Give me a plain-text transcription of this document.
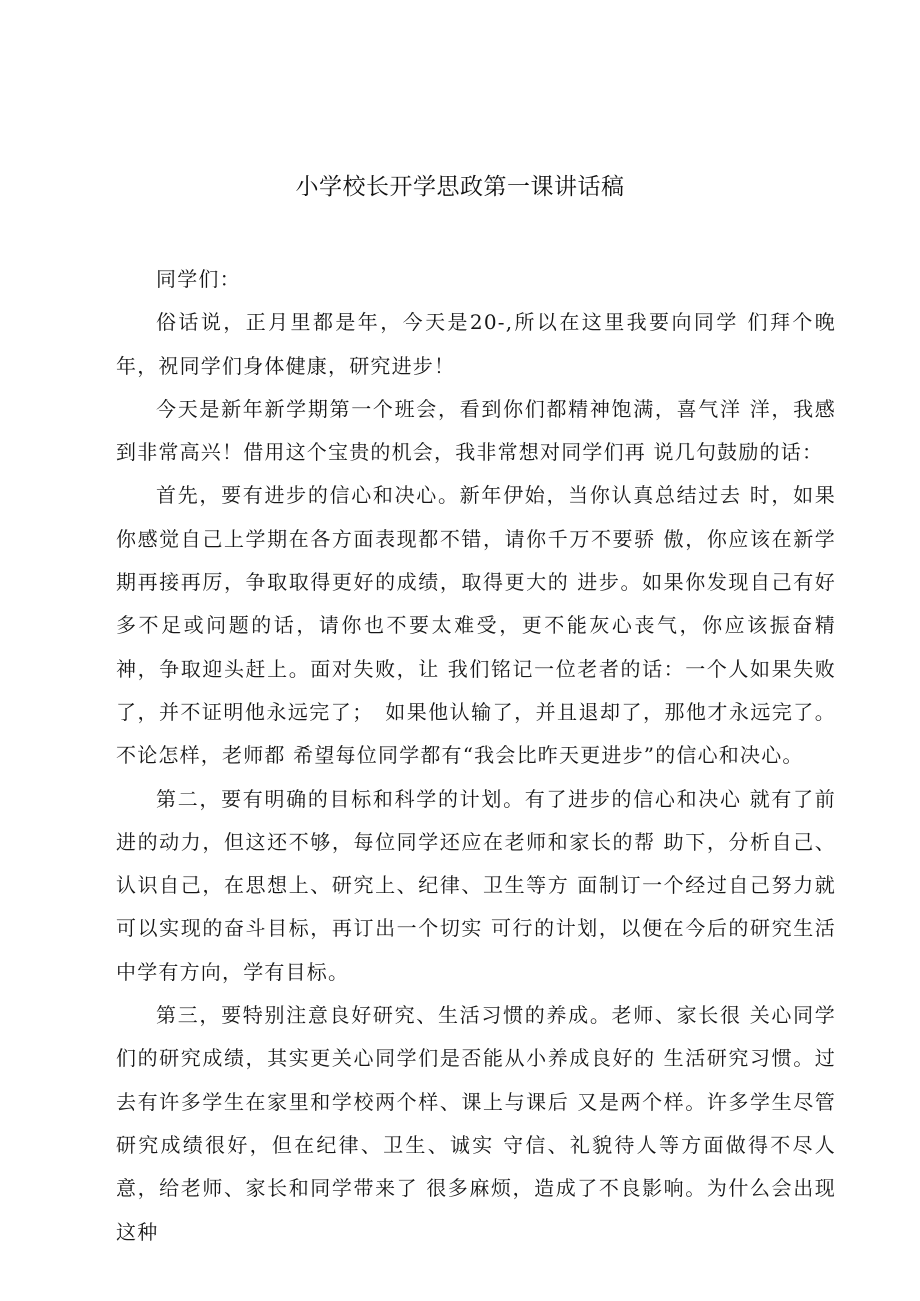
小学校长开学思政第一课讲话稿

同学们：

俗话说，正月里都是年，今天是20-,所以在这里我要向同学 们拜个晚年，祝同学们身体健康，研究进步！

今天是新年新学期第一个班会，看到你们都精神饱满，喜气洋 洋，我感到非常高兴！借用这个宝贵的机会，我非常想对同学们再 说几句鼓励的话：

首先，要有进步的信心和决心。新年伊始，当你认真总结过去 时，如果你感觉自己上学期在各方面表现都不错，请你千万不要骄 傲，你应该在新学期再接再厉，争取取得更好的成绩，取得更大的 进步。如果你发现自己有好多不足或问题的话，请你也不要太难受，更不能灰心丧气，你应该振奋精神，争取迎头赶上。面对失败，让 我们铭记一位老者的话：一个人如果失败了，并不证明他永远完了；　如果他认输了，并且退却了，那他才永远完了。不论怎样，老师都 希望每位同学都有“我会比昨天更进步”的信心和决心。

第二，要有明确的目标和科学的计划。有了进步的信心和决心 就有了前进的动力，但这还不够，每位同学还应在老师和家长的帮 助下，分析自己、认识自己，在思想上、研究上、纪律、卫生等方 面制订一个经过自己努力就可以实现的奋斗目标，再订出一个切实 可行的计划，以便在今后的研究生活中学有方向，学有目标。

第三，要特别注意良好研究、生活习惯的养成。老师、家长很 关心同学们的研究成绩，其实更关心同学们是否能从小养成良好的 生活研究习惯。过去有许多学生在家里和学校两个样、课上与课后 又是两个样。许多学生尽管研究成绩很好，但在纪律、卫生、诚实 守信、礼貌待人等方面做得不尽人意，给老师、家长和同学带来了 很多麻烦，造成了不良影响。为什么会出现这种
